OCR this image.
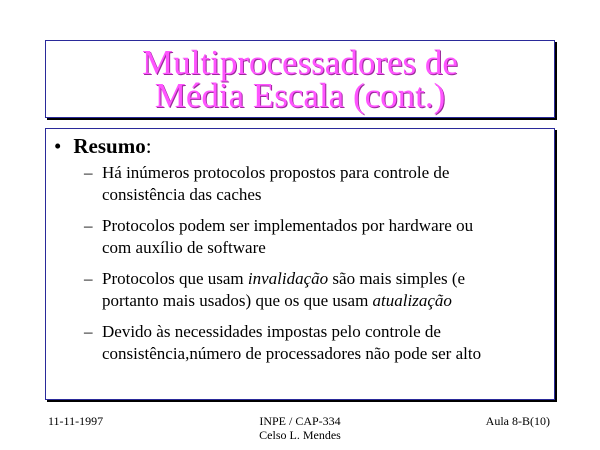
Multiprocessadores de
Média Escala (cont.)
• Resumo:
– Há inúmeros protocolos propostos para controle de
consistência das caches
– Protocolos podem ser implementados por hardware ou
com auxílio de software
– Protocolos que usam invalidação são mais simples (e
portanto mais usados) que os que usam atualização
– Devido às necessidades impostas pelo controle de
consistência,número de processadores não pode ser alto
11-11-1997	INPE / CAP-334
Celso L. Mendes
Aula 8-B(10)
